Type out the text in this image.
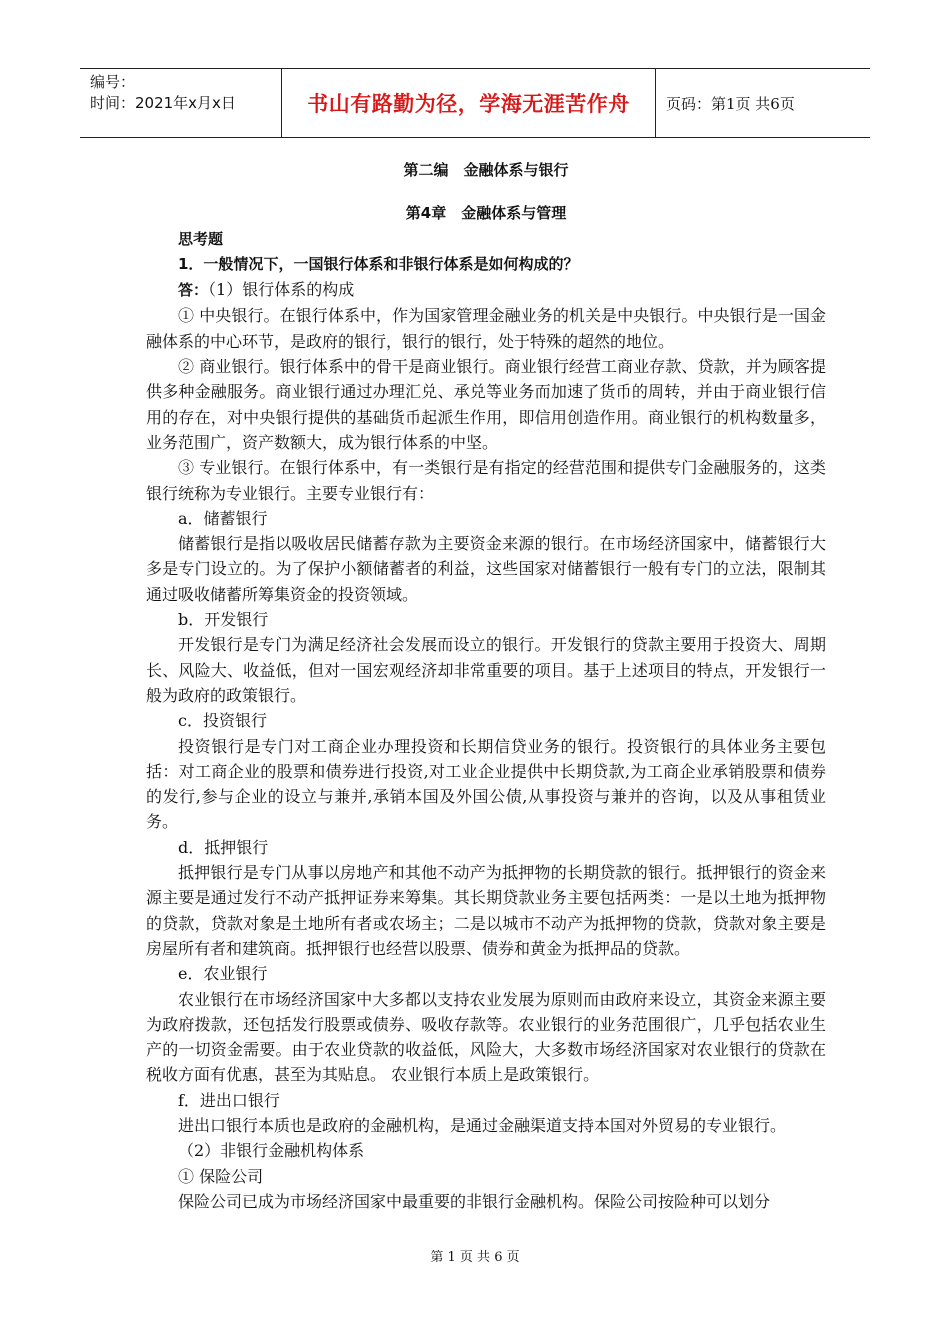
编号：
时间：2021年x月x日	书山有路勤为径，学海无涯苦作舟	页码：第1页 共6页
第二编　金融体系与银行
第4章　金融体系与管理

思考题

1．一般情况下，一国银行体系和非银行体系是如何构成的？

答：（1）银行体系的构成

① 中央银行。在银行体系中，作为国家管理金融业务的机关是中央银行。中央银行是一国金融体系的中心环节，是政府的银行，银行的银行，处于特殊的超然的地位。

② 商业银行。银行体系中的骨干是商业银行。商业银行经营工商业存款、贷款，并为顾客提供多种金融服务。商业银行通过办理汇兑、承兑等业务而加速了货币的周转，并由于商业银行信用的存在，对中央银行提供的基础货币起派生作用，即信用创造作用。商业银行的机构数量多，业务范围广，资产数额大，成为银行体系的中坚。

③ 专业银行。在银行体系中，有一类银行是有指定的经营范围和提供专门金融服务的，这类银行统称为专业银行。主要专业银行有：

a．储蓄银行

储蓄银行是指以吸收居民储蓄存款为主要资金来源的银行。在市场经济国家中，储蓄银行大多是专门设立的。为了保护小额储蓄者的利益，这些国家对储蓄银行一般有专门的立法，限制其通过吸收储蓄所筹集资金的投资领域。

b．开发银行

开发银行是专门为满足经济社会发展而设立的银行。开发银行的贷款主要用于投资大、周期长、风险大、收益低，但对一国宏观经济却非常重要的项目。基于上述项目的特点，开发银行一般为政府的政策银行。

c．投资银行

投资银行是专门对工商企业办理投资和长期信贷业务的银行。投资银行的具体业务主要包括：对工商企业的股票和债券进行投资,对工业企业提供中长期贷款,为工商企业承销股票和债券的发行,参与企业的设立与兼并,承销本国及外国公债,从事投资与兼并的咨询，以及从事租赁业务。

d．抵押银行

抵押银行是专门从事以房地产和其他不动产为抵押物的长期贷款的银行。抵押银行的资金来源主要是通过发行不动产抵押证券来筹集。其长期贷款业务主要包括两类：一是以土地为抵押物的贷款，贷款对象是土地所有者或农场主；二是以城市不动产为抵押物的贷款，贷款对象主要是房屋所有者和建筑商。抵押银行也经营以股票、债券和黄金为抵押品的贷款。

e．农业银行

农业银行在市场经济国家中大多都以支持农业发展为原则而由政府来设立，其资金来源主要为政府拨款，还包括发行股票或债券、吸收存款等。农业银行的业务范围很广，几乎包括农业生产的一切资金需要。由于农业贷款的收益低，风险大，大多数市场经济国家对农业银行的贷款在税收方面有优惠，甚至为其贴息。 农业银行本质上是政策银行。

f．进出口银行

进出口银行本质也是政府的金融机构，是通过金融渠道支持本国对外贸易的专业银行。

（2）非银行金融机构体系

① 保险公司

保险公司已成为市场经济国家中最重要的非银行金融机构。保险公司按险种可以划分

第 1 页 共 6 页
